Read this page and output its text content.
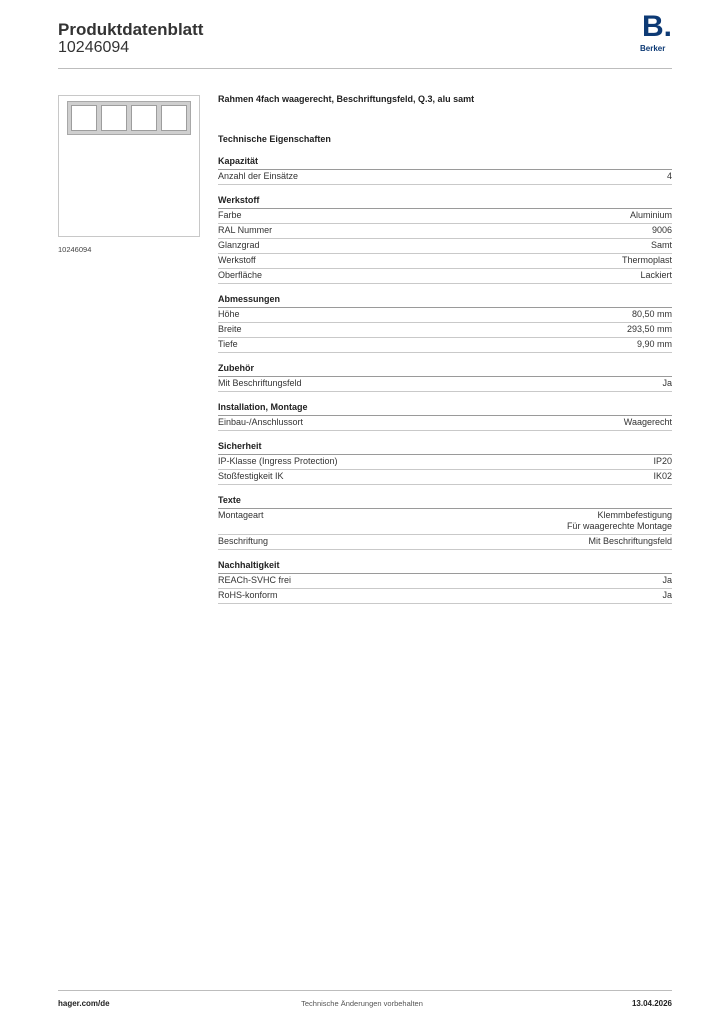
Produktdatenblatt
10246094
B.
Berker
10246094
Rahmen 4fach waagerecht, Beschriftungsfeld, Q.3, alu samt
Technische Eigenschaften
Kapazität
Anzahl der Einsätze	4
Werkstoff
Farbe	Aluminium
RAL Nummer	9006
Glanzgrad	Samt
Werkstoff	Thermoplast
Oberfläche	Lackiert
Abmessungen
Höhe	80,50 mm
Breite	293,50 mm
Tiefe	9,90 mm
Zubehör
Mit Beschriftungsfeld	Ja
Installation, Montage
Einbau-/Anschlussort	Waagerecht
Sicherheit
IP-Klasse (Ingress Protection)	IP20
Stoßfestigkeit IK	IK02
Texte
Montageart	Klemmbefestigung
Für waagerechte Montage
Beschriftung	Mit Beschriftungsfeld
Nachhaltigkeit
REACh-SVHC frei	Ja
RoHS-konform	Ja
hager.com/de	Technische Änderungen vorbehalten	13.04.2026
